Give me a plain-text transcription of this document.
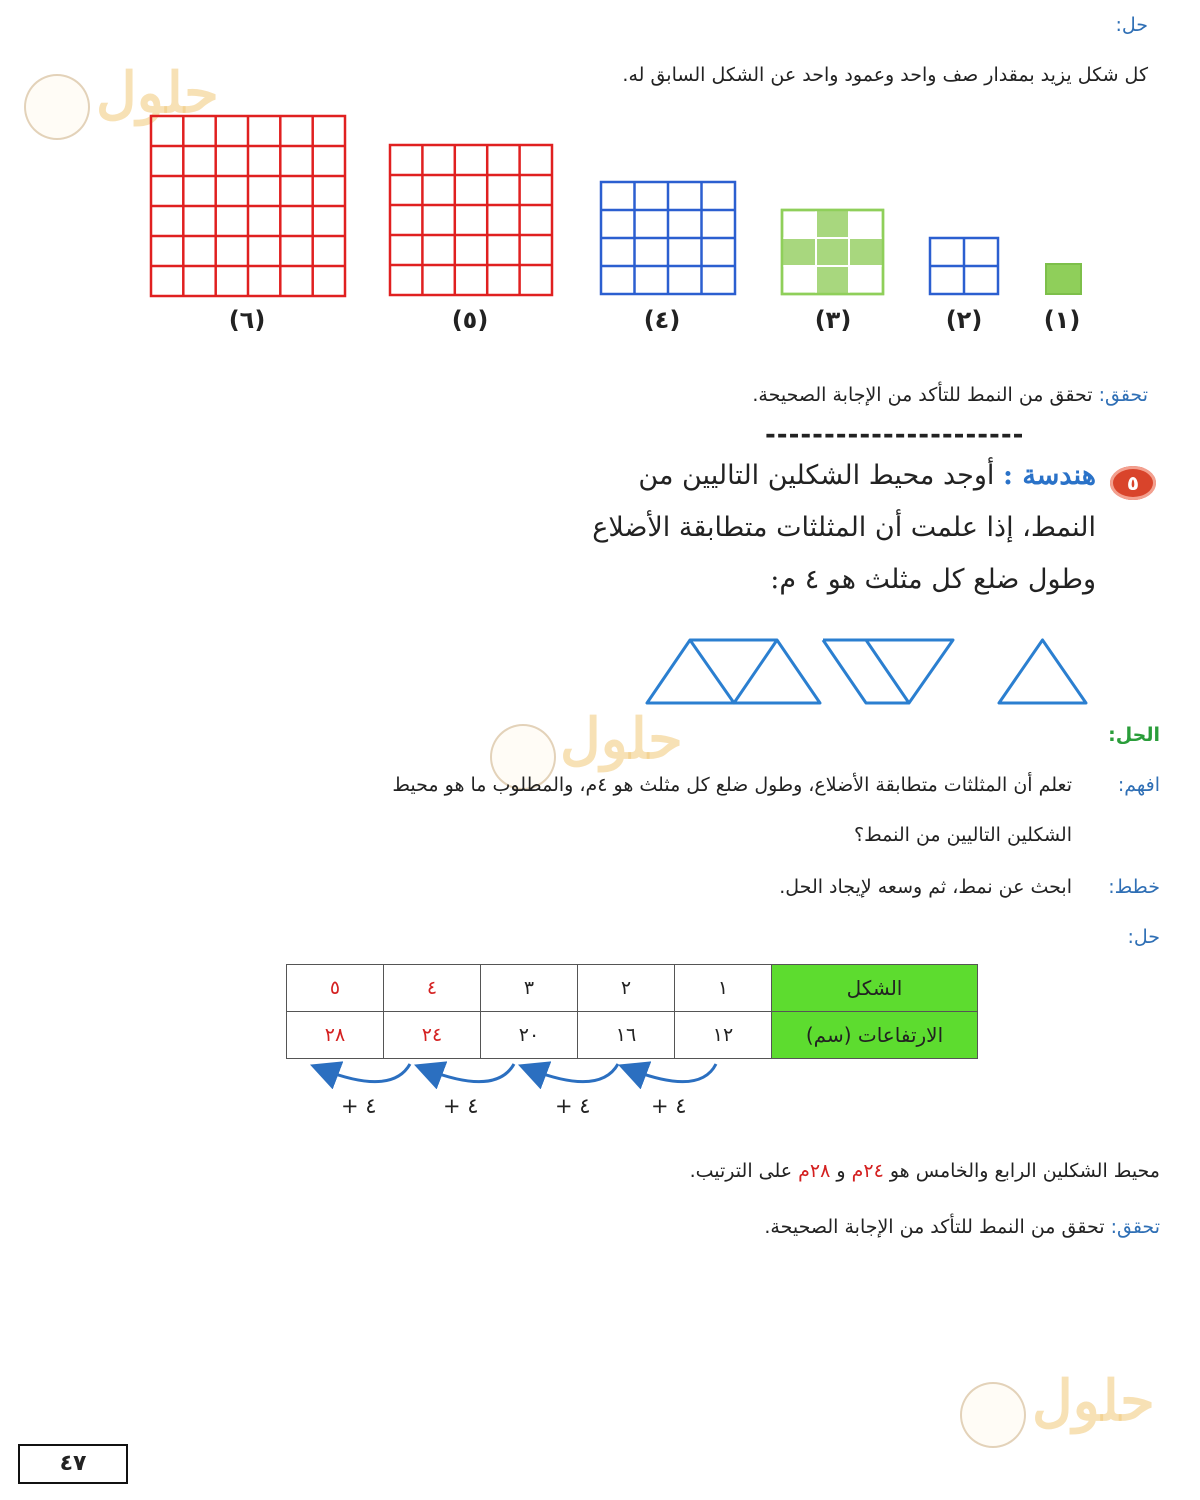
حلول
حلول
حلول
حل:
كل شكل يزيد بمقدار صف واحد وعمود واحد عن الشكل السابق له.
(١)
(٢)
(٣)
(٤)
(٥)
(٦)
تحقق: تحقق من النمط للتأكد من الإجابة الصحيحة.
----------------------
٥
هندسة : أوجد محيط الشكلين التاليين من
النمط، إذا علمت أن المثلثات متطابقة الأضلاع
وطول ضلع كل مثلث هو ٤ م:
الحل:
افهم:
تعلم أن المثلثات متطابقة الأضلاع، وطول ضلع كل مثلث هو ٤م، والمطلوب ما هو محيط
الشكلين التاليين من النمط؟
خطط:
ابحث عن نمط، ثم وسعه لإيجاد الحل.
حل:
الشكل	١	٢	٣	٤	٥
الارتفاعات (سم)	١٢	١٦	٢٠	٢٤	٢٨
+ ٤
+ ٤
+ ٤
+ ٤
محيط الشكلين الرابع والخامس هو ٢٤م و ٢٨م على الترتيب.
تحقق: تحقق من النمط للتأكد من الإجابة الصحيحة.
٤٧
